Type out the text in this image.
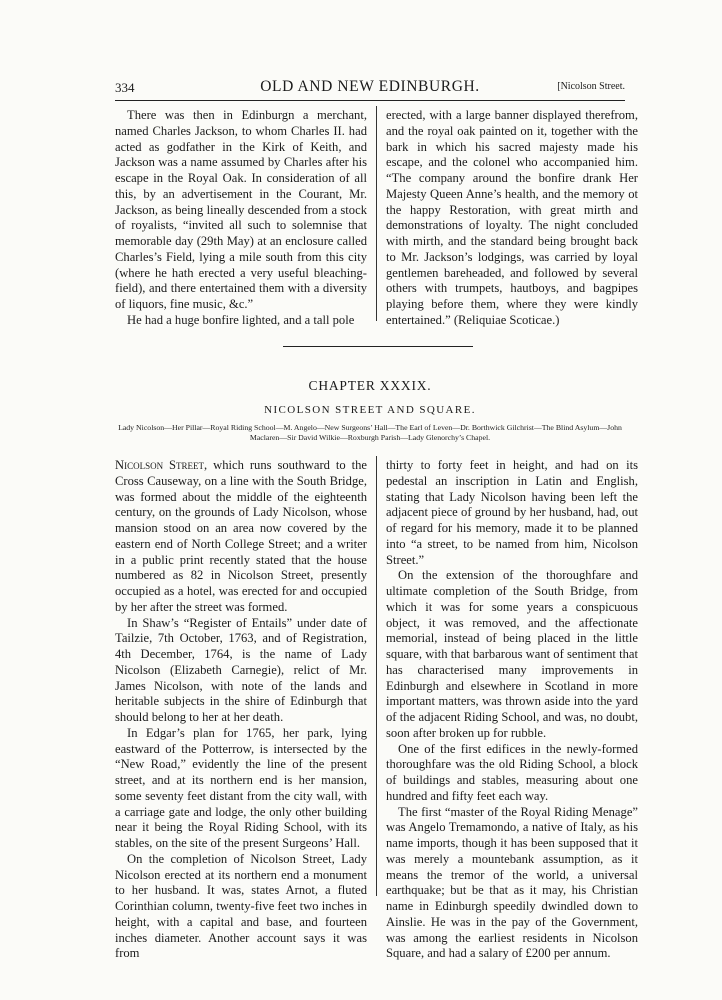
334	OLD AND NEW EDINBURGH.	[Nicolson Street.

There was then in Edinburgn a merchant, named Charles Jackson, to whom Charles II. had acted as godfather in the Kirk of Keith, and Jackson was a name assumed by Charles after his escape in the Royal Oak. In consideration of all this, by an advertisement in the Courant, Mr. Jackson, as being lineally descended from a stock of royalists, “invited all such to solemnise that memorable day (29th May) at an enclosure called Charles’s Field, lying a mile south from this city (where he hath erected a very useful bleaching-field), and there entertained them with a diversity of liquors, fine music, &c.”

He had a huge bonfire lighted, and a tall pole

erected, with a large banner displayed therefrom, and the royal oak painted on it, together with the bark in which his sacred majesty made his escape, and the colonel who accompanied him. “The company around the bonfire drank Her Majesty Queen Anne’s health, and the memory ot the happy Restoration, with great mirth and demonstrations of loyalty. The night concluded with mirth, and the standard being brought back to Mr. Jackson’s lodgings, was carried by loyal gentlemen bareheaded, and followed by several others with trumpets, hautboys, and bagpipes playing before them, where they were kindly entertained.” (Reliquiae Scoticae.)

CHAPTER XXXIX.
NICOLSON STREET AND SQUARE.
Lady Nicolson—Her Pillar—Royal Riding School—M. Angelo—New Surgeons’ Hall—The Earl of Leven—Dr. Borthwick Gilchrist—The Blind Asylum—John Maclaren—Sir David Wilkie—Roxburgh Parish—Lady Glenorchy’s Chapel.

Nicolson Street, which runs southward to the Cross Causeway, on a line with the South Bridge, was formed about the middle of the eighteenth century, on the grounds of Lady Nicolson, whose mansion stood on an area now covered by the eastern end of North College Street; and a writer in a public print recently stated that the house numbered as 82 in Nicolson Street, presently occupied as a hotel, was erected for and occupied by her after the street was formed.

In Shaw’s “Register of Entails” under date of Tailzie, 7th October, 1763, and of Registration, 4th December, 1764, is the name of Lady Nicolson (Elizabeth Carnegie), relict of Mr. James Nicolson, with note of the lands and heritable subjects in the shire of Edinburgh that should belong to her at her death.

In Edgar’s plan for 1765, her park, lying eastward of the Potterrow, is intersected by the “New Road,” evidently the line of the present street, and at its northern end is her mansion, some seventy feet distant from the city wall, with a carriage gate and lodge, the only other building near it being the Royal Riding School, with its stables, on the site of the present Surgeons’ Hall.

On the completion of Nicolson Street, Lady Nicolson erected at its northern end a monument to her husband. It was, states Arnot, a fluted Corinthian column, twenty-five feet two inches in height, with a capital and base, and fourteen inches diameter. Another account says it was from

thirty to forty feet in height, and had on its pedestal an inscription in Latin and English, stating that Lady Nicolson having been left the adjacent piece of ground by her husband, had, out of regard for his memory, made it to be planned into “a street, to be named from him, Nicolson Street.”

On the extension of the thoroughfare and ultimate completion of the South Bridge, from which it was for some years a conspicuous object, it was removed, and the affectionate memorial, instead of being placed in the little square, with that barbarous want of sentiment that has characterised many improvements in Edinburgh and elsewhere in Scotland in more important matters, was thrown aside into the yard of the adjacent Riding School, and was, no doubt, soon after broken up for rubble.

One of the first edifices in the newly-formed thoroughfare was the old Riding School, a block of buildings and stables, measuring about one hundred and fifty feet each way.

The first “master of the Royal Riding Menage” was Angelo Tremamondo, a native of Italy, as his name imports, though it has been supposed that it was merely a mountebank assumption, as it means the tremor of the world, a universal earthquake; but be that as it may, his Christian name in Edinburgh speedily dwindled down to Ainslie. He was in the pay of the Government, was among the earliest residents in Nicolson Square, and had a salary of £200 per annum.
